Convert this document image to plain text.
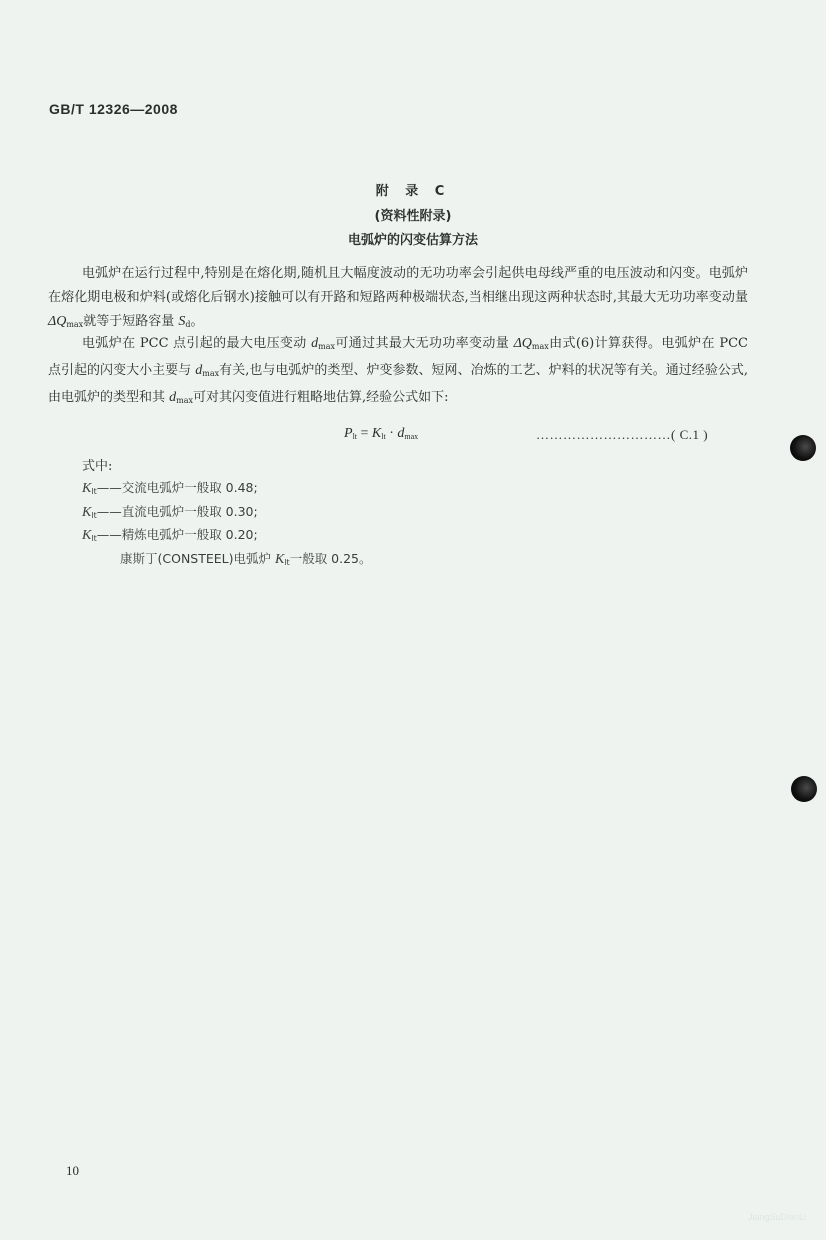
GB/T 12326—2008
附 录 C
(资料性附录)
电弧炉的闪变估算方法
电弧炉在运行过程中,特别是在熔化期,随机且大幅度波动的无功功率会引起供电母线严重的电压波动和闪变。电弧炉在熔化期电极和炉料(或熔化后钢水)接触可以有开路和短路两种极端状态,当相继出现这两种状态时,其最大无功功率变动量 $\Delta Q_{max}$就等于短路容量 $S_d$。
电弧炉在 PCC 点引起的最大电压变动 $d_{max}$可通过其最大无功功率变动量 $\Delta Q_{max}$由式(6)计算获得。电弧炉在 PCC 点引起的闪变大小主要与 $d_{max}$有关,也与电弧炉的类型、炉变参数、短网、冶炼的工艺、炉料的状况等有关。通过经验公式,由电弧炉的类型和其 $d_{max}$可对其闪变值进行粗略地估算,经验公式如下:
$P_{lt} = K_{lt} \cdot d_{max}$	…………………………( C.1 )
式中:
$K_{lt}——$交流电弧炉一般取 0.48;
$K_{lt}——$直流电弧炉一般取 0.30;
$K_{lt}——$精炼电弧炉一般取 0.20;
康斯丁(CONSTEEL)电弧炉 $K_{lt}$一般取 0.25。
10
JiangSuDianLi
